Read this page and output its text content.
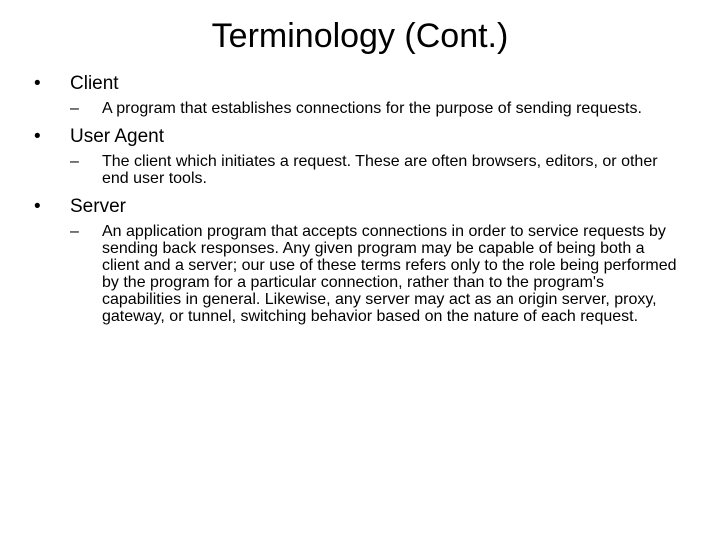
Terminology (Cont.)
•	Client
– A program that establishes connections for the purpose of sending requests.
•	User Agent
– The client which initiates a request. These are often browsers, editors, or other end user tools.
•	Server
– An application program that accepts connections in order to service requests by sending back responses. Any given program may be capable of being both a client and a server; our use of these terms refers only to the role being performed by the program for a particular connection, rather than to the program's capabilities in general. Likewise, any server may act as an origin server, proxy, gateway, or tunnel, switching behavior based on the nature of each request.
